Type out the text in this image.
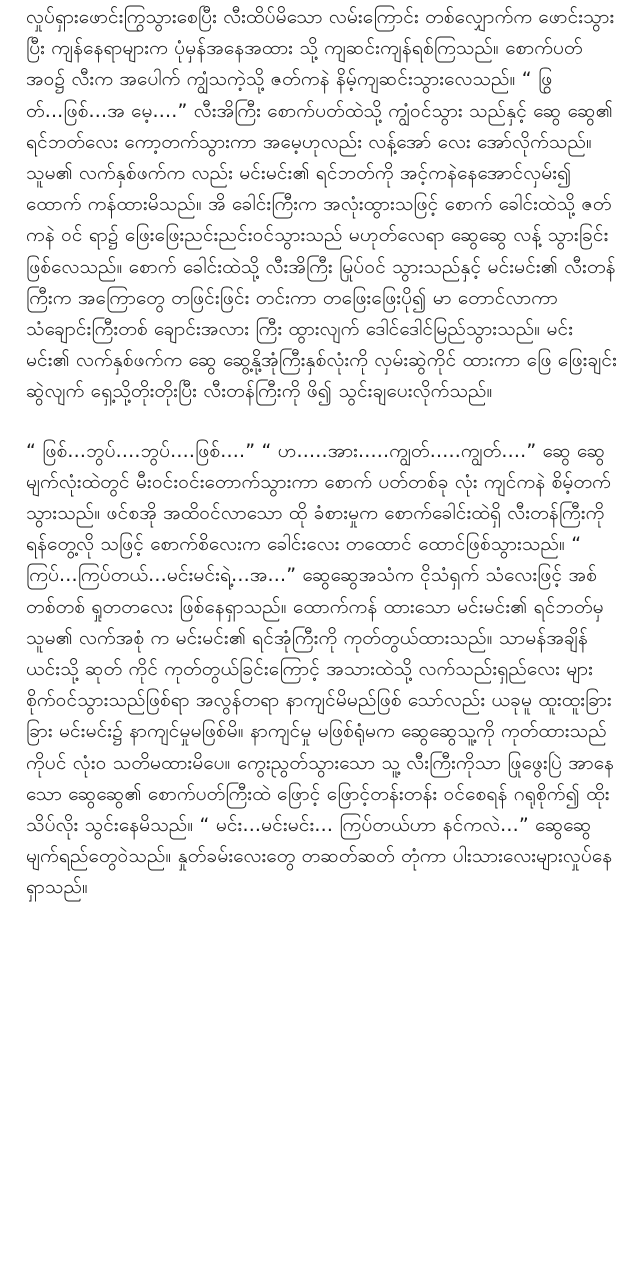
လှုပ်ရှားဖောင်းကြွသွားစေပြီး လီးထိပ်မိသော လမ်းကြောင်း တစ်လျှောက်က ဖောင်းသွားပြီး ကျန်နေရာများက ပုံမှန်အနေအထား သို့ ကျဆင်းကျန်ရစ်ကြသည်။ စောက်ပတ်အဝ၌ လီးက အပေါက် ကျွံသကဲ့သို့ ဇတ်ကနဲ နိမ့်ကျဆင်းသွားလေသည်။ “ ဖြွတ်...ဖြစ်...အ မေ့....” လီးအိကြီး စောက်ပတ်ထဲသို့ ကျွံဝင်သွား သည်နှင့် ဆွေ ဆွေ၏ ရင်ဘတ်လေး ကော့တက်သွားကာ အမေ့ဟုလည်း လန့်အော် လေး အော်လိုက်သည်။ သူမ၏ လက်နှစ်ဖက်က လည်း မင်းမင်း၏ ရင်ဘတ်ကို အင့်ကနဲနေအောင်လှမ်း၍ ထောက် ကန်ထားမိသည်။ အိ ခေါင်းကြီးက အလုံးထွားသဖြင့် စောက် ခေါင်းထဲသို့ ဇတ်ကနဲ ဝင် ရာ၌ ဖြေးဖြေးညင်းညင်းဝင်သွားသည် မဟုတ်လေရာ ဆွေဆွေ လန့် သွားခြင်းဖြစ်လေသည်။ စောက် ခေါင်းထဲသို့ လီးအိကြီး မြုပ်ဝင် သွားသည်နှင့် မင်းမင်း၏ လီးတန်ကြီးက အကြောတွေ တဖြင်းဖြင်း တင်းကာ တဖြေးဖြေးပို၍ မာ တောင်လာကာ သံချောင်းကြီးတစ် ချောင်းအလား ကြီး ထွားလျက် ဒေါင်ဒေါင်မြည်သွားသည်။ မင်း မင်း၏ လက်နှစ်ဖက်က ဆွေ ဆွေ့နို့အုံကြီးနှစ်လုံးကို လှမ်းဆွဲကိုင် ထားကာ ဖြေ ဖြေးချင်းဆွဲလျက် ရှေ့သို့တိုးတိုးပြီး လီးတန်ကြီးကို ဖိ၍ သွင်းချပေးလိုက်သည်။

“ ဖြစ်...ဘွပ်....ဘွပ်....ဖြစ်....” “ ဟ.....အား.....ကျွတ်.....ကျွတ်....” ဆွေ ဆွေမျက်လုံးထဲတွင် မီးဝင်းဝင်းတောက်သွားကာ စောက် ပတ်တစ်ခု လုံး ကျင်ကနဲ စိမ့်တက်သွားသည်။ ဖင်စအို အထိဝင်လာသော ထို ခံစားမှုက စောက်ခေါင်းထဲရှိ လီးတန်ကြီးကို ရန်တွေ့လို သဖြင့် စောက်စိလေးက ခေါင်းလေး တထောင် ထောင်ဖြစ်သွားသည်။ “ ကြပ်...ကြပ်တယ်...မင်းမင်းရဲ့...အ...” ဆွေဆွေအသံက ငိုသံရှက် သံလေးဖြင့် အစ်တစ်တစ် ရှုတတလေး ဖြစ်နေရှာသည်။ ထောက်ကန် ထားသော မင်းမင်း၏ ရင်ဘတ်မှ သူမ၏ လက်အစုံ က မင်းမင်း၏ ရင်အုံကြီးကို ကုတ်တွယ်ထားသည်။ သာမန်အချိန် ယင်းသို့ ဆုတ် ကိုင် ကုတ်တွယ်ခြင်းကြောင့် အသားထဲသို့ လက်သည်းရှည်လေး များ စိုက်ဝင်သွားသည်ဖြစ်ရာ အလွန်တရာ နာကျင်မိမည်ဖြစ် သော်လည်း ယခုမူ ထူးထူးခြားခြား မင်းမင်း၌ နာကျင်မှုမဖြစ်မိ။ နာကျင်မှု မဖြစ်ရုံမက ဆွေဆွေသူ့ကို ကုတ်ထားသည်ကိုပင် လုံးဝ သတိမထားမိပေ။ ကွေးညွတ်သွားသော သူ့ လီးကြီးကိုသာ ဖြုဖွေးပြဲ အာနေသော ဆွေဆွေ၏ စောက်ပတ်ကြီးထဲ ဖြောင့် ဖြောင့်တန်းတန်း ဝင်စေရန် ဂရုစိုက်၍ ထိုးသိပ်လိုး သွင်းနေမိသည်။ “ မင်း...မင်းမင်း... ကြပ်တယ်ဟာ နင်ကလဲ...” ဆွေဆွေ မျက်ရည်တွေဝဲသည်။ နှုတ်ခမ်းလေးတွေ တဆတ်ဆတ် တုံကာ ပါးသားလေးများလှုပ်နေ ရှာသည်။
